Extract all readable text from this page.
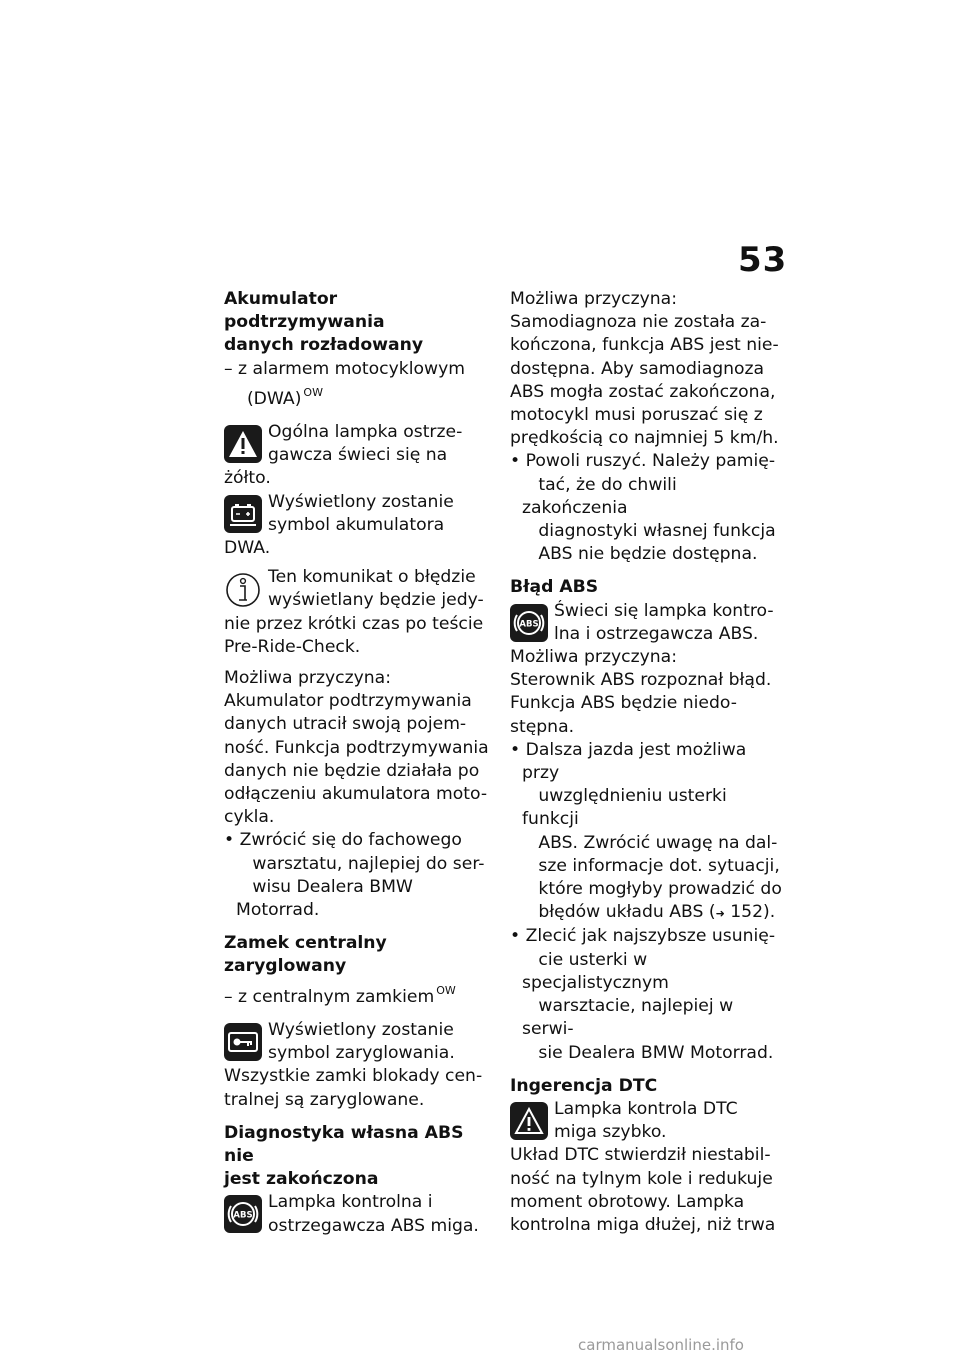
53

Akumulator podtrzymywania
danych rozładowany

– z alarmem motocyklowym
(DWA) $^{OW}$

Ogólna lampka ostrze-
gawcza świeci się na
żółto.

Wyświetlony zostanie
symbol akumulatora DWA.

Ten komunikat o błędzie
wyświetlany będzie jedy-
nie przez krótki czas po teście
Pre-Ride-Check.

Możliwa przyczyna:

Akumulator podtrzymywania
danych utracił swoją pojem-
ność. Funkcja podtrzymywania
danych nie będzie działała po
odłączeniu akumulatora moto-
cykla.

• Zwrócić się do fachowego
warsztatu, najlepiej do ser-
wisu Dealera BMW Motorrad.

Zamek centralny zaryglowany

– z centralnym zamkiem $^{OW}$

Wyświetlony zostanie
symbol zaryglowania.
Wszystkie zamki blokady cen-
tralnej są zaryglowane.

Diagnostyka własna ABS nie
jest zakończona

ABS

Lampka kontrolna i
ostrzegawcza ABS miga.

Możliwa przyczyna:

Samodiagnoza nie została za-
kończona, funkcja ABS jest nie-
dostępna. Aby samodiagnoza
ABS mogła zostać zakończona,
motocykl musi poruszać się z
prędkością co najmniej 5 km/h.

• Powoli ruszyć. Należy pamię-
tać, że do chwili zakończenia
diagnostyki własnej funkcja
ABS nie będzie dostępna.

Błąd ABS

ABS

Świeci się lampka kontro-
lna i ostrzegawcza ABS.

Możliwa przyczyna:

Sterownik ABS rozpoznał błąd.
Funkcja ABS będzie niedo-
stępna.

• Dalsza jazda jest możliwa przy
uwzględnieniu usterki funkcji
ABS. Zwrócić uwagę na dal-
sze informacje dot. sytuacji,
które mogłyby prowadzić do
błędów układu ABS (➜ 152).

• Zlecić jak najszybsze usunię-
cie usterki w specjalistycznym
warsztacie, najlepiej w serwi-
sie Dealera BMW Motorrad.

Ingerencja DTC

Lampka kontrola DTC
miga szybko.

Układ DTC stwierdził niestabil-
ność na tylnym kole i redukuje
moment obrotowy. Lampka
kontrolna miga dłużej, niż trwa

carmanualsonline.info
